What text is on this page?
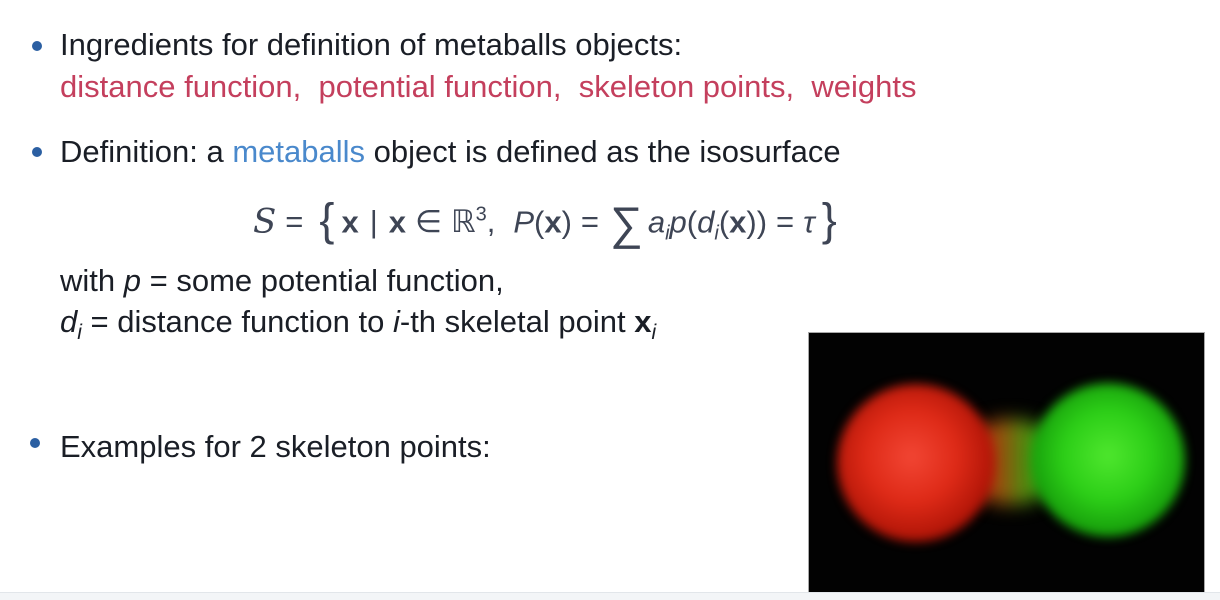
Ingredients for definition of metaballs objects:
distance function,  potential function,  skeleton points,  weights
Definition: a metaballs object is defined as the isosurface
S = { x | x ∈ ℝ$^3$, P(x) = ∑ $a_ip(d_i(x)) = \tau$ }
with p = some potential function,
$d_i$ = distance function to i-th skeletal point $x_i$
Examples for 2 skeleton points:
